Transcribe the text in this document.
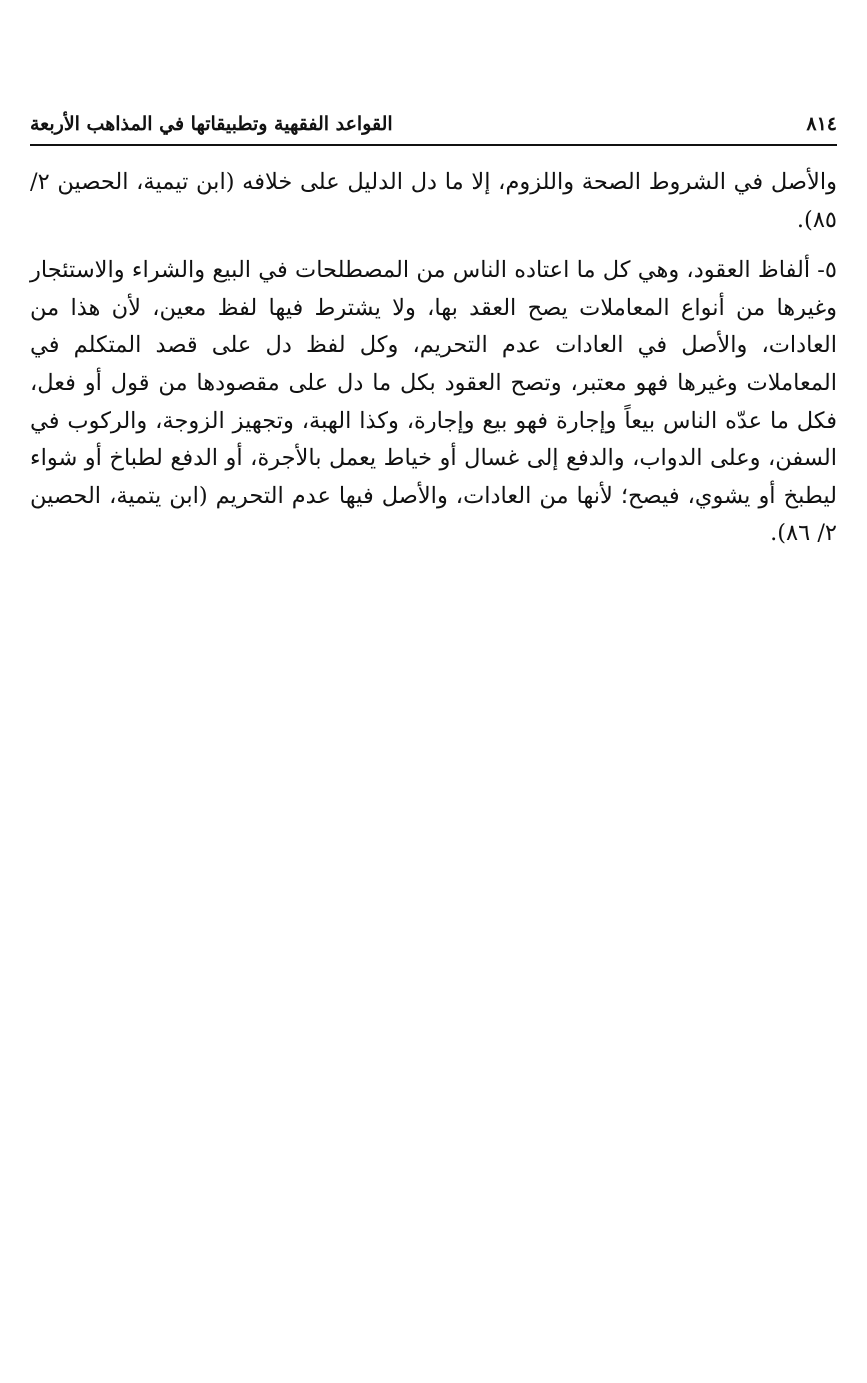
٨١٤
القواعد الفقهية وتطبيقاتها في المذاهب الأربعة

والأصل في الشروط الصحة واللزوم، إلا ما دل الدليل على خلافه (ابن تيمية، الحصين ٢/ ٨٥).

٥- ألفاظ العقود، وهي كل ما اعتاده الناس من المصطلحات في البيع والشراء والاستئجار وغيرها من أنواع المعاملات يصح العقد بها، ولا يشترط فيها لفظ معين، لأن هذا من العادات، والأصل في العادات عدم التحريم، وكل لفظ دل على قصد المتكلم في المعاملات وغيرها فهو معتبر، وتصح العقود بكل ما دل على مقصودها من قول أو فعل، فكل ما عدّه الناس بيعاً وإجارة فهو بيع وإجارة، وكذا الهبة، وتجهيز الزوجة، والركوب في السفن، وعلى الدواب، والدفع إلى غسال أو خياط يعمل بالأجرة، أو الدفع لطباخ أو شواء ليطبخ أو يشوي، فيصح؛ لأنها من العادات، والأصل فيها عدم التحريم (ابن يتمية، الحصين ٢/ ٨٦).
